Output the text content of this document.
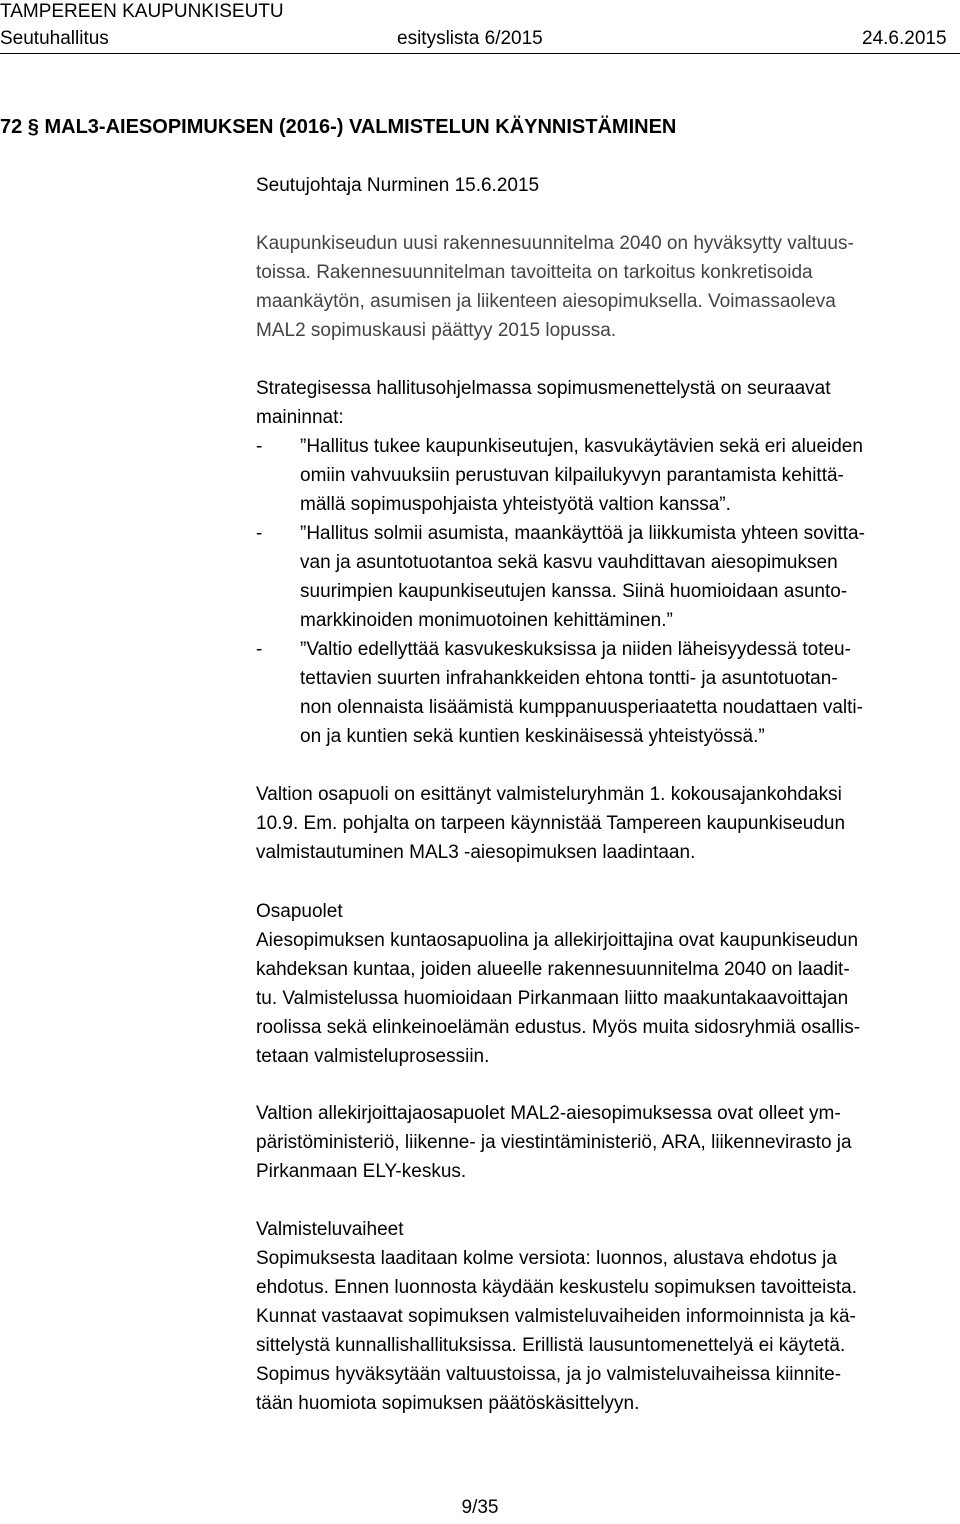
TAMPEREEN KAUPUNKISEUTU
Seutuhallitus	esityslista 6/2015	24.6.2015
72 § MAL3-AIESOPIMUKSEN (2016-) VALMISTELUN KÄYNNISTÄMINEN
Seutujohtaja Nurminen 15.6.2015
Kaupunkiseudun uusi rakennesuunnitelma 2040 on hyväksytty valtuus-
toissa. Rakennesuunnitelman tavoitteita on tarkoitus konkretisoida
maankäytön, asumisen ja liikenteen aiesopimuksella. Voimassaoleva
MAL2 sopimuskausi päättyy 2015 lopussa.
Strategisessa hallitusohjelmassa sopimusmenettelystä on seuraavat
maininnat:
- ”Hallitus tukee kaupunkiseutujen, kasvukäytävien sekä eri alueiden
omiin vahvuuksiin perustuvan kilpailukyvyn parantamista kehittä-
mällä sopimuspohjaista yhteistyötä valtion kanssa”.
- ”Hallitus solmii asumista, maankäyttöä ja liikkumista yhteen sovitta-
van ja asuntotuotantoa sekä kasvu vauhdittavan aiesopimuksen
suurimpien kaupunkiseutujen kanssa. Siinä huomioidaan asunto-
markkinoiden monimuotoinen kehittäminen.”
- ”Valtio edellyttää kasvukeskuksissa ja niiden läheisyydessä toteu-
tettavien suurten infrahankkeiden ehtona tontti- ja asuntotuotan-
non olennaista lisäämistä kumppanuusperiaatetta noudattaen valti-
on ja kuntien sekä kuntien keskinäisessä yhteistyössä.”
Valtion osapuoli on esittänyt valmisteluryhmän 1. kokousajankohdaksi
10.9. Em. pohjalta on tarpeen käynnistää Tampereen kaupunkiseudun
valmistautuminen MAL3 -aiesopimuksen laadintaan.
Osapuolet
Aiesopimuksen kuntaosapuolina ja allekirjoittajina ovat kaupunkiseudun
kahdeksan kuntaa, joiden alueelle rakennesuunnitelma 2040 on laadit-
tu. Valmistelussa huomioidaan Pirkanmaan liitto maakuntakaavoittajan
roolissa sekä elinkeinoelämän edustus. Myös muita sidosryhmiä osallis-
tetaan valmisteluprosessiin.
Valtion allekirjoittajaosapuolet MAL2-aiesopimuksessa ovat olleet ym-
päristöministeriö, liikenne- ja viestintäministeriö, ARA, liikennevirasto ja
Pirkanmaan ELY-keskus.
Valmisteluvaiheet
Sopimuksesta laaditaan kolme versiota: luonnos, alustava ehdotus ja
ehdotus. Ennen luonnosta käydään keskustelu sopimuksen tavoitteista.
Kunnat vastaavat sopimuksen valmisteluvaiheiden informoinnista ja kä-
sittelystä kunnallishallituksissa. Erillistä lausuntomenettelyä ei käytetä.
Sopimus hyväksytään valtuustoissa, ja jo valmisteluvaiheissa kiinnite-
tään huomiota sopimuksen päätöskäsittelyyn.
9/35
